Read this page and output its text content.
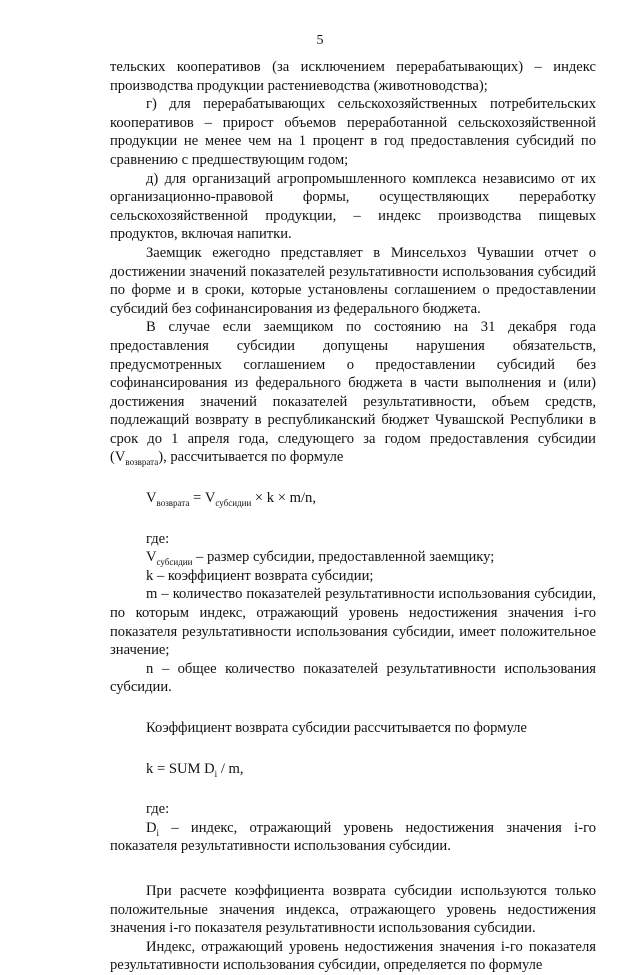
5

тельских кооперативов (за исключением перерабатывающих) – индекс производства продукции растениеводства (животноводства);

г) для перерабатывающих сельскохозяйственных потребительских кооперативов – прирост объемов переработанной сельскохозяйственной продукции не менее чем на 1 процент в год предоставления субсидий по сравнению с предшествующим годом;

д) для организаций агропромышленного комплекса независимо от их организационно-правовой формы, осуществляющих переработку сельскохозяйственной продукции, – индекс производства пищевых продуктов, включая напитки.

Заемщик ежегодно представляет в Минсельхоз Чувашии отчет о достижении значений показателей результативности использования субсидий по форме и в сроки, которые установлены соглашением о предоставлении субсидий без софинансирования из федерального бюджета.

В случае если заемщиком по состоянию на 31 декабря года предоставления субсидии допущены нарушения обязательств, предусмотренных соглашением о предоставлении субсидий без софинансирования из федерального бюджета в части выполнения и (или) достижения значений показателей результативности, объем средств, подлежащий возврату в республиканский бюджет Чувашской Республики в срок до 1 апреля года, следующего за годом предоставления субсидии $(V_{возврата})$, рассчитывается по формуле

$V_{возврата} = V_{субсидии} \times k \times m/n$,

где:

$V_{субсидии}$ – размер субсидии, предоставленной заемщику;

k – коэффициент возврата субсидии;

m – количество показателей результативности использования субсидии, по которым индекс, отражающий уровень недостижения значения i-го показателя результативности использования субсидии, имеет положительное значение;

n – общее количество показателей результативности использования субсидии.

Коэффициент возврата субсидии рассчитывается по формуле

k = SUM $D_i$ / m,

где:

$D_i$ – индекс, отражающий уровень недостижения значения i-го показателя результативности использования субсидии.

При расчете коэффициента возврата субсидии используются только положительные значения индекса, отражающего уровень недостижения значения i-го показателя результативности использования субсидии.

Индекс, отражающий уровень недостижения значения i-го показателя результативности использования субсидии, определяется по формуле
